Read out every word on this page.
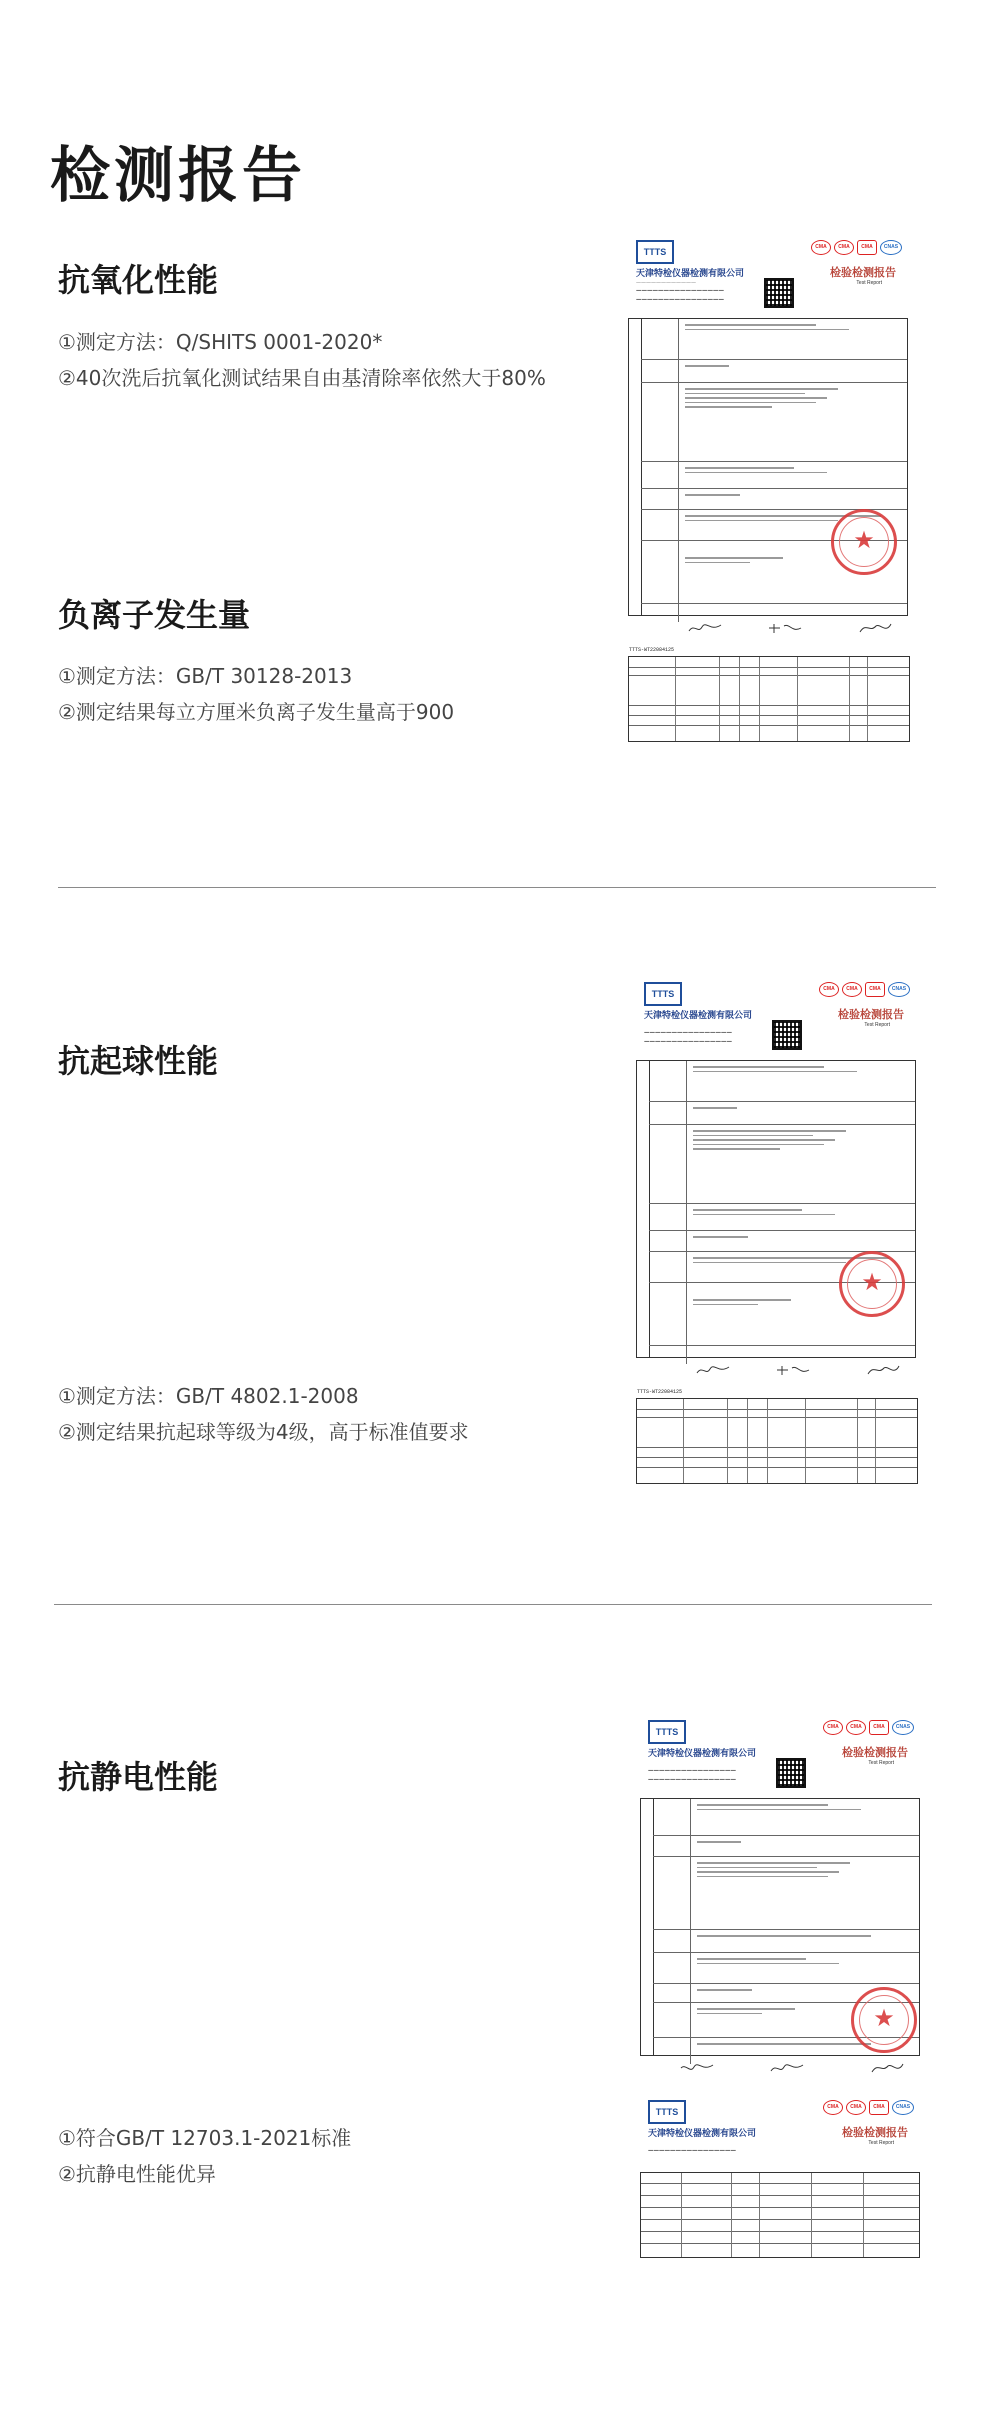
检测报告
抗氧化性能
①测定方法：Q/SHITS 0001-2020*
②40次洗后抗氧化测试结果自由基清除率依然大于80%
负离子发生量
①测定方法：GB/T 30128-2013
②测定结果每立方厘米负离子发生量高于900
抗起球性能
①测定方法：GB/T 4802.1-2008
②测定结果抗起球等级为4级，高于标准值要求
抗静电性能
①符合GB/T 12703.1-2021标准
②抗静电性能优异
TTTS
天津特检仪器检测有限公司
————————————
————————————————
————————————————
CMA	CMA	CMA	CNAS
检验检测报告
Test Report
★
TTTS-WT22084125
TTTS
天津特检仪器检测有限公司
————————————————
————————————————
CMA	CMA	CMA	CNAS
检验检测报告
Test Report
★
TTTS-WT22084125
TTTS
天津特检仪器检测有限公司
————————————————
————————————————
CMA	CMA	CMA	CNAS
检验检测报告
Test Report
★
TTTS
天津特检仪器检测有限公司
————————————————
CMA	CMA	CMA	CNAS
检验检测报告
Test Report
